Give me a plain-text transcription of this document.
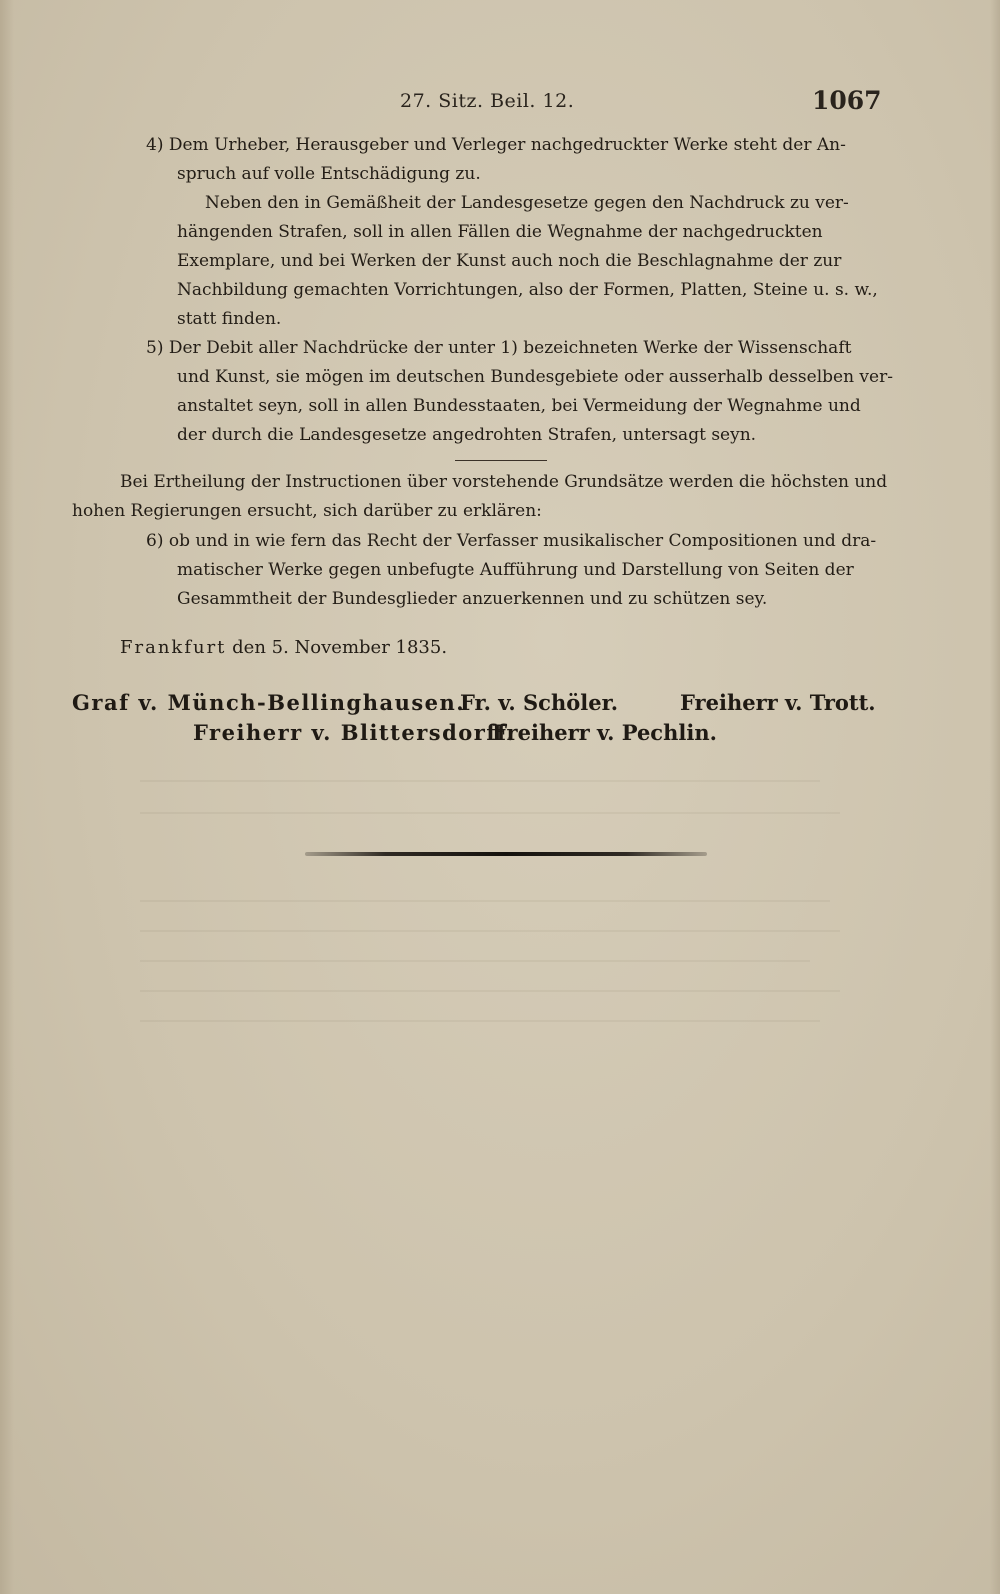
27. Sitz. Beil. 12.	1067
4) Dem Urheber, Herausgeber und Verleger nachgedruckter Werke steht der An-
spruch auf volle Entschädigung zu.
Neben den in Gemäßheit der Landesgesetze gegen den Nachdruck zu ver-
hängenden Strafen, soll in allen Fällen die Wegnahme der nachgedruckten
Exemplare, und bei Werken der Kunst auch noch die Beschlagnahme der zur
Nachbildung gemachten Vorrichtungen, also der Formen, Platten, Steine u. s. w.,
statt finden.
5) Der Debit aller Nachdrücke der unter 1) bezeichneten Werke der Wissenschaft
und Kunst, sie mögen im deutschen Bundesgebiete oder ausserhalb desselben ver-
anstaltet seyn, soll in allen Bundesstaaten, bei Vermeidung der Wegnahme und
der durch die Landesgesetze angedrohten Strafen, untersagt seyn.
Bei Ertheilung der Instructionen über vorstehende Grundsätze werden die höchsten und
hohen Regierungen ersucht, sich darüber zu erklären:
6) ob und in wie fern das Recht der Verfasser musikalischer Compositionen und dra-
matischer Werke gegen unbefugte Aufführung und Darstellung von Seiten der
Gesammtheit der Bundesglieder anzuerkennen und zu schützen sey.
Frankfurt den 5. November 1835.
Graf v. Münch-Bellinghausen.
Fr. v. Schöler.	Freiherr v. Trott.
Freiherr v. Blittersdorff.
Freiherr v. Pechlin.
